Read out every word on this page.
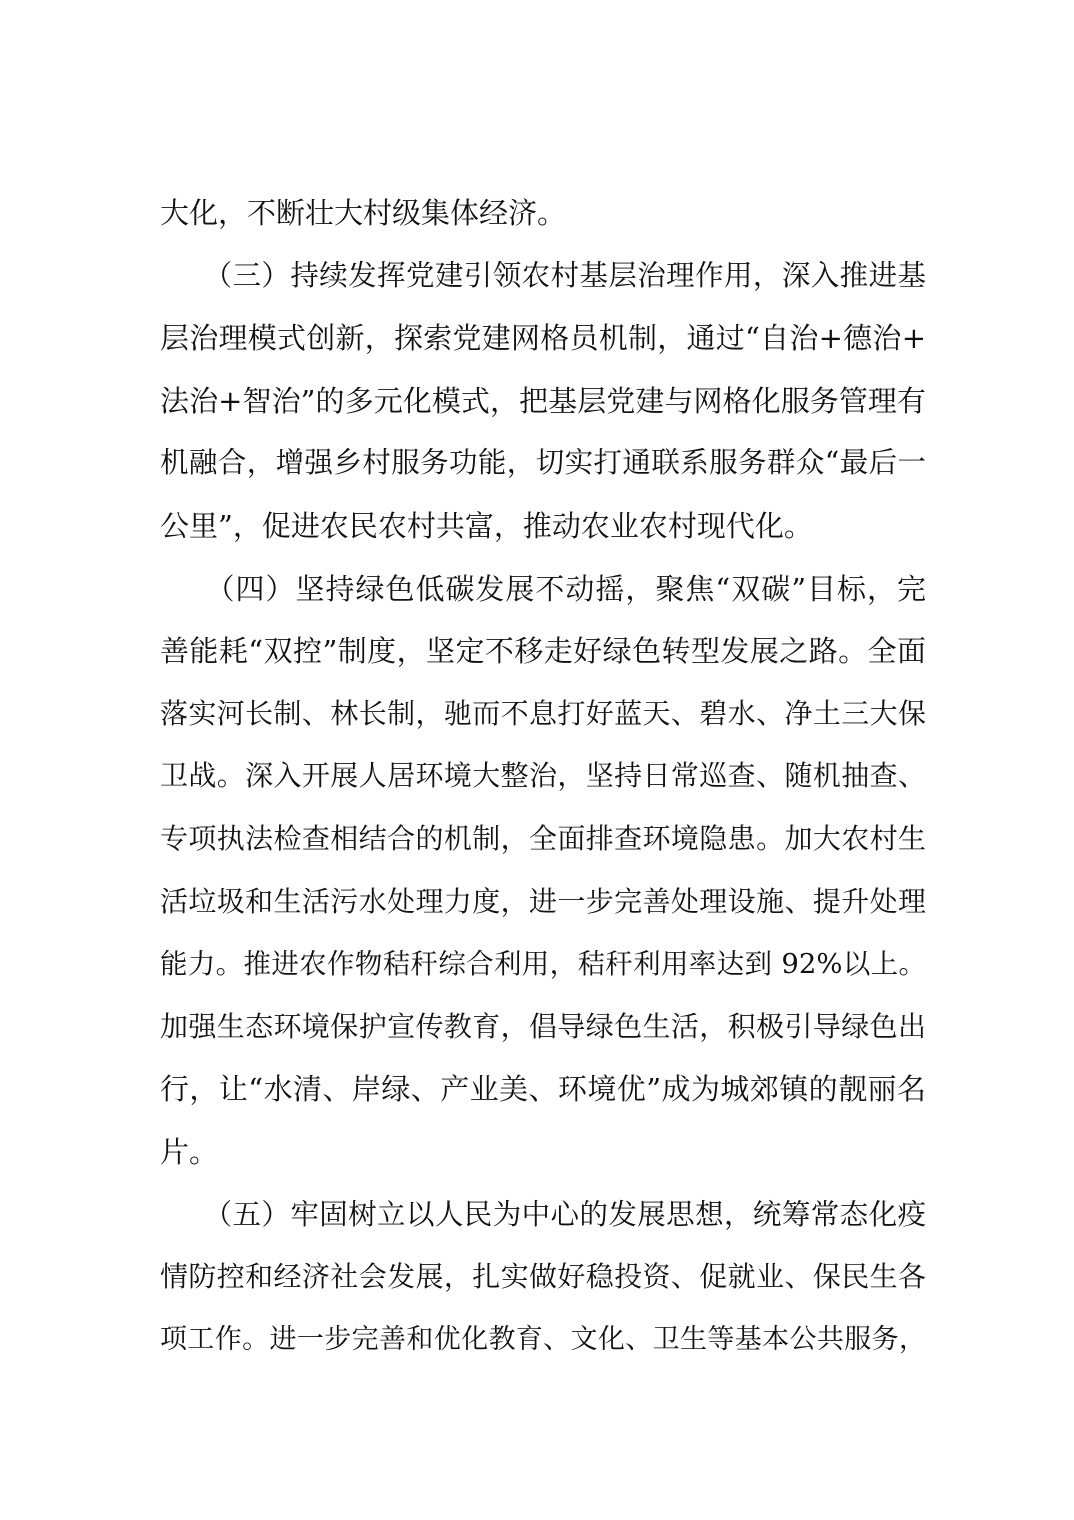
大化，不断壮大村级集体经济。
　　（三）持续发挥党建引领农村基层治理作用，深入推进基
层治理模式创新，探索党建网格员机制，通过“自治+德治+
法治+智治”的多元化模式，把基层党建与网格化服务管理有
机融合，增强乡村服务功能，切实打通联系服务群众“最后一
公里”，促进农民农村共富，推动农业农村现代化。
　　（四）坚持绿色低碳发展不动摇，聚焦“双碳”目标，完
善能耗“双控”制度，坚定不移走好绿色转型发展之路。全面
落实河长制、林长制，驰而不息打好蓝天、碧水、净土三大保
卫战。深入开展人居环境大整治，坚持日常巡查、随机抽查、
专项执法检查相结合的机制，全面排查环境隐患。加大农村生
活垃圾和生活污水处理力度，进一步完善处理设施、提升处理
能力。推进农作物秸秆综合利用，秸秆利用率达到 92%以上。
加强生态环境保护宣传教育，倡导绿色生活，积极引导绿色出
行，让“水清、岸绿、产业美、环境优”成为城郊镇的靓丽名
片。
　　（五）牢固树立以人民为中心的发展思想，统筹常态化疫
情防控和经济社会发展，扎实做好稳投资、促就业、保民生各
项工作。进一步完善和优化教育、文化、卫生等基本公共服务，
